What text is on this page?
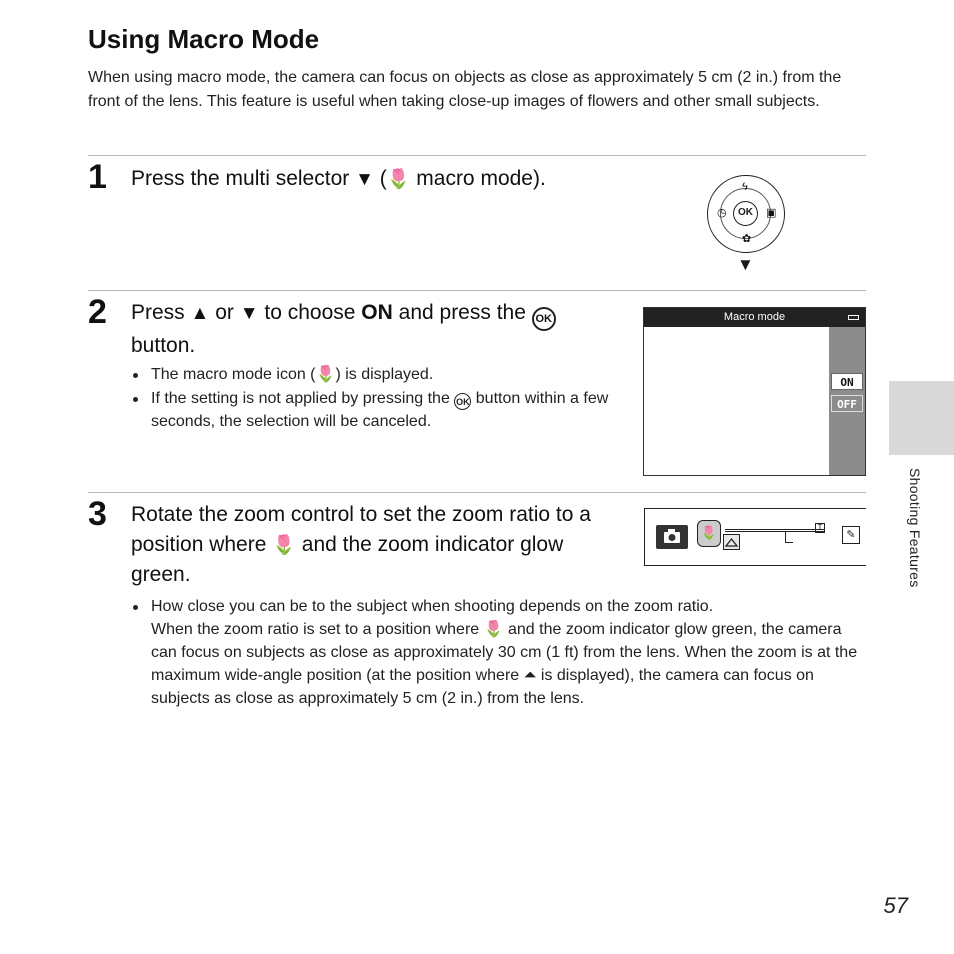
Using Macro Mode

When using macro mode, the camera can focus on objects as close as approximately 5 cm (2 in.) from the front of the lens. This feature is useful when taking close-up images of flowers and other small subjects.

1 Press the multi selector ▼ (🌷 macro mode).

OK
ϟ
◷	▣
✿
▼
2 Press ▲ or ▼ to choose ON and press the OK button.

The macro mode icon (🌷) is displayed.
If the setting is not applied by pressing the OK button within a few seconds, the selection will be canceled.
Macro mode
ON
OFF
3 Rotate the zoom control to set the zoom ratio to a position where 🌷 and the zoom indicator glow green.

🌷	T
✎
How close you can be to the subject when shooting depends on the zoom ratio.
When the zoom ratio is set to a position where 🌷 and the zoom indicator glow green, the camera can focus on subjects as close as approximately 30 cm (1 ft) from the lens. When the zoom is at the maximum wide-angle position (at the position where ⏶ is displayed), the camera can focus on subjects as close as approximately 5 cm (2 in.) from the lens.
Shooting Features
57
